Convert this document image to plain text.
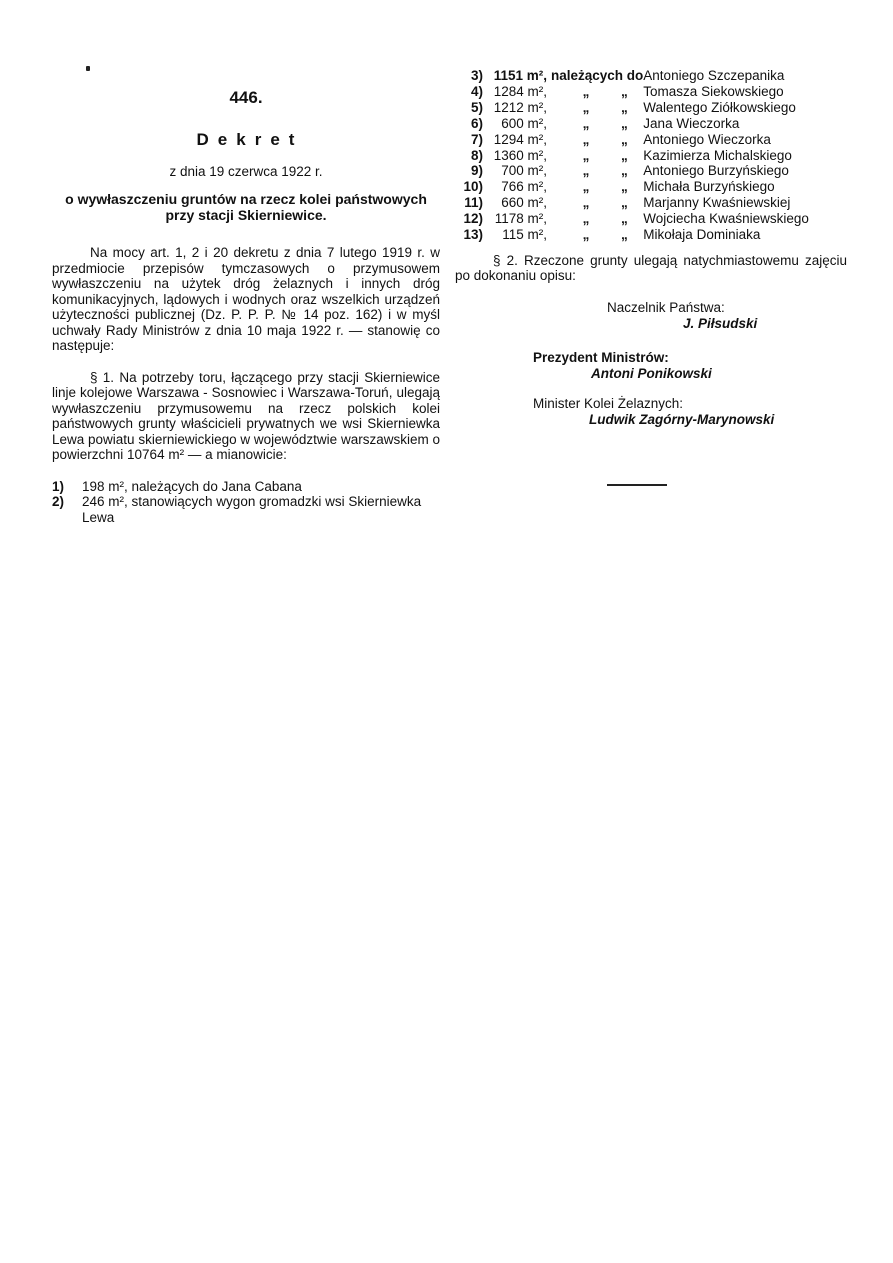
446.
Dekret
z dnia 19 czerwca 1922 r.
o wywłaszczeniu gruntów na rzecz kolei państwowych przy stacji Skierniewice.

Na mocy art. 1, 2 i 20 dekretu z dnia 7 lutego 1919 r. w przedmiocie przepisów tymczasowych o przymusowem wywłaszczeniu na użytek dróg żelaznych i innych dróg komunikacyjnych, lądowych i wodnych oraz wszelkich urządzeń użyteczności publicznej (Dz. P. P. P. № 14 poz. 162) i w myśl uchwały Rady Ministrów z dnia 10 maja 1922 r. — stanowię co następuje:

§ 1. Na potrzeby toru, łączącego przy stacji Skierniewice linje kolejowe Warszawa - Sosnowiec i Warszawa-Toruń, ulegają wywłaszczeniu przymusowemu na rzecz polskich kolei państwowych grunty właścicieli prywatnych we wsi Skierniewka Lewa powiatu skierniewickiego w województwie warszawskiem o powierzchni 10764 m² — a mianowicie:

1)	198 m², należących do Jana Cabana
2)	246 m², stanowiących wygon gromadzki wsi Skierniewka Lewa
3)	1151 m²,	należących do		Antoniego Szczepanika
4)	1284 m²,	„	„	Tomasza Siekowskiego
5)	1212 m²,	„	„	Walentego Ziółkowskiego
6)	600 m²,	„	„	Jana Wieczorka
7)	1294 m²,	„	„	Antoniego Wieczorka
8)	1360 m²,	„	„	Kazimierza Michalskiego
9)	700 m²,	„	„	Antoniego Burzyńskiego
10)	766 m²,	„	„	Michała Burzyńskiego
11)	660 m²,	„	„	Marjanny Kwaśniewskiej
12)	1178 m²,	„	„	Wojciecha Kwaśniewskiego
13)	115 m²,	„	„	Mikołaja Dominiaka

§ 2. Rzeczone grunty ulegają natychmiastowemu zajęciu po dokonaniu opisu:

Naczelnik Państwa:
J. Piłsudski
Prezydent Ministrów:
Antoni Ponikowski
Minister Kolei Żelaznych:
Ludwik Zagórny-Marynowski
